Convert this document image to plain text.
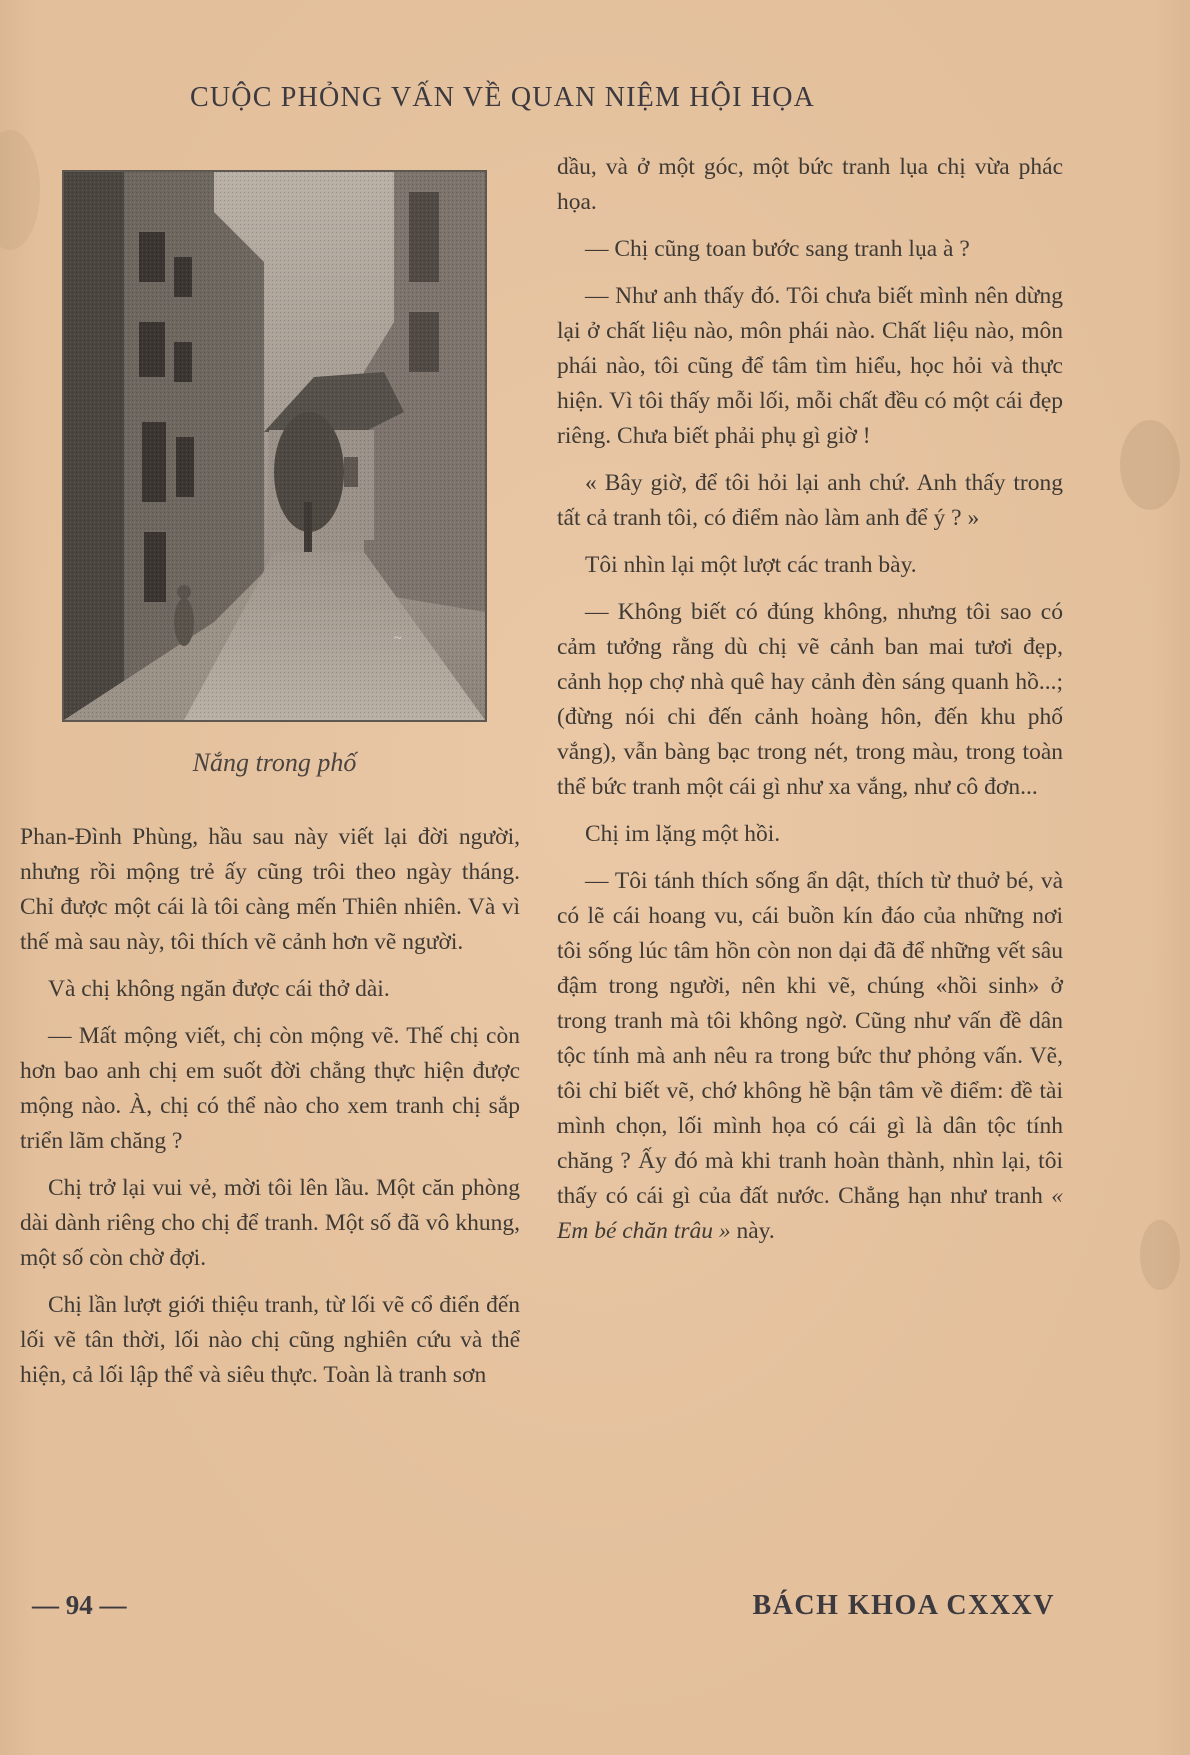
CUỘC PHỎNG VẤN VỀ QUAN NIỆM HỘI HỌA
Nắng trong phố

Phan-Đình Phùng, hầu sau này viết lại đời người, nhưng rồi mộng trẻ ấy cũng trôi theo ngày tháng. Chỉ được một cái là tôi càng mến Thiên nhiên. Và vì thế mà sau này, tôi thích vẽ cảnh hơn vẽ người.

Và chị không ngăn được cái thở dài.

— Mất mộng viết, chị còn mộng vẽ. Thế chị còn hơn bao anh chị em suốt đời chẳng thực hiện được mộng nào. À, chị có thể nào cho xem tranh chị sắp triển lãm chăng ?

Chị trở lại vui vẻ, mời tôi lên lầu. Một căn phòng dài dành riêng cho chị để tranh. Một số đã vô khung, một số còn chờ đợi.

Chị lần lượt giới thiệu tranh, từ lối vẽ cổ điển đến lối vẽ tân thời, lối nào chị cũng nghiên cứu và thể hiện, cả lối lập thể và siêu thực. Toàn là tranh sơn

dầu, và ở một góc, một bức tranh lụa chị vừa phác họa.

— Chị cũng toan bước sang tranh lụa à ?

— Như anh thấy đó. Tôi chưa biết mình nên dừng lại ở chất liệu nào, môn phái nào. Chất liệu nào, môn phái nào, tôi cũng để tâm tìm hiểu, học hỏi và thực hiện. Vì tôi thấy mỗi lối, mỗi chất đều có một cái đẹp riêng. Chưa biết phải phụ gì giờ !

« Bây giờ, để tôi hỏi lại anh chứ. Anh thấy trong tất cả tranh tôi, có điểm nào làm anh để ý ? »

Tôi nhìn lại một lượt các tranh bày.

— Không biết có đúng không, nhưng tôi sao có cảm tưởng rằng dù chị vẽ cảnh ban mai tươi đẹp, cảnh họp chợ nhà quê hay cảnh đèn sáng quanh hồ...; (đừng nói chi đến cảnh hoàng hôn, đến khu phố vắng), vẫn bàng bạc trong nét, trong màu, trong toàn thể bức tranh một cái gì như xa vắng, như cô đơn...

Chị im lặng một hồi.

— Tôi tánh thích sống ẩn dật, thích từ thuở bé, và có lẽ cái hoang vu, cái buồn kín đáo của những nơi tôi sống lúc tâm hồn còn non dại đã để những vết sâu đậm trong người, nên khi vẽ, chúng «hồi sinh» ở trong tranh mà tôi không ngờ. Cũng như vấn đề dân tộc tính mà anh nêu ra trong bức thư phỏng vấn. Vẽ, tôi chỉ biết vẽ, chớ không hề bận tâm về điểm: đề tài mình chọn, lối mình họa có cái gì là dân tộc tính chăng ? Ấy đó mà khi tranh hoàn thành, nhìn lại, tôi thấy có cái gì của đất nước. Chẳng hạn như tranh « Em bé chăn trâu » này.

— 94 —	BÁCH KHOA CXXXV
